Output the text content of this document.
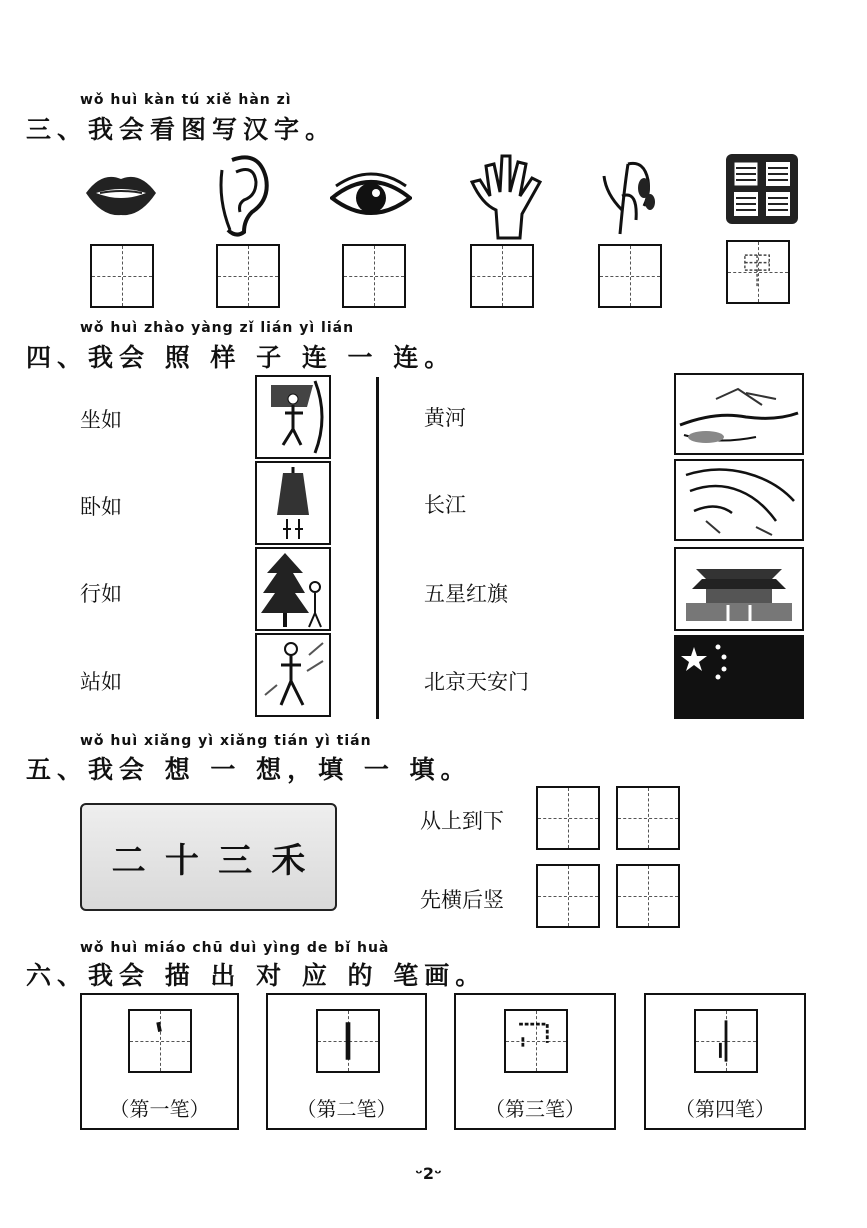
wǒ huì kàn tú xiě hàn zì
三、我会看图写汉字。
wǒ huì zhào yàng zǐ lián yì lián
四、我会 照 样 子 连 一 连。
坐如
卧如
行如
站如
黄河
长江
五星红旗
北京天安门
wǒ huì xiǎng yì xiǎng tián yì tián
五、我会 想 一 想，填 一 填。
二 十 三 禾
从上到下
先横后竖
wǒ huì miáo chū duì yìng de bǐ huà
六、我会 描 出 对 应 的 笔画。
（第一笔）	（第二笔）	（第三笔）	（第四笔）
ᵕ2ᵕ
